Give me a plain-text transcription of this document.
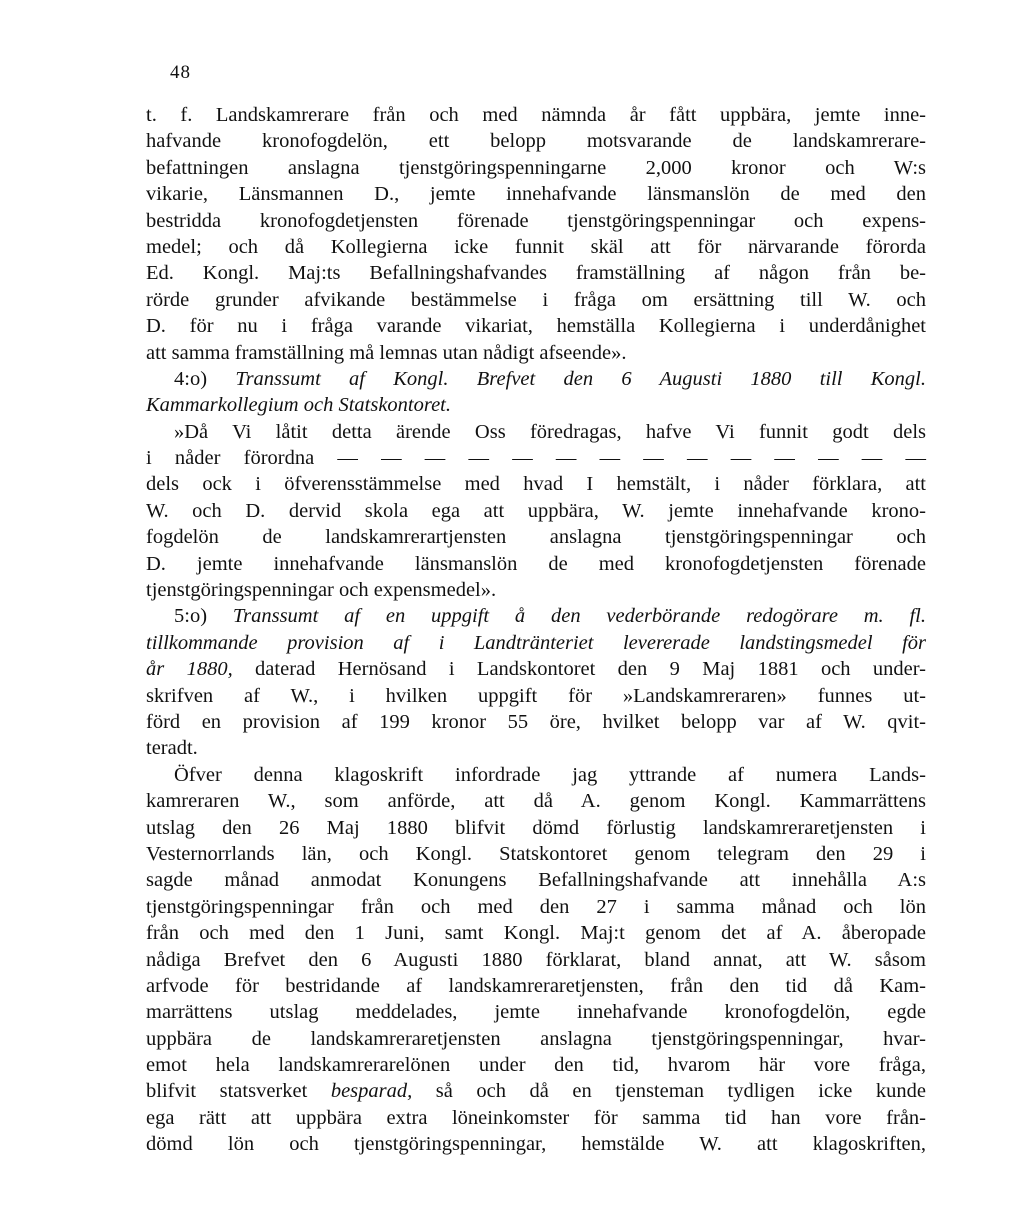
48
t. f. Landskamrerare från och med nämnda år fått uppbära, jemte inne-
hafvande kronofogdelön, ett belopp motsvarande de landskamrerare-
befattningen anslagna tjenstgöringspenningarne 2,000 kronor och W:s
vikarie, Länsmannen D., jemte innehafvande länsmanslön de med den
bestridda kronofogdetjensten förenade tjenstgöringspenningar och expens-
medel; och då Kollegierna icke funnit skäl att för närvarande förorda
Ed. Kongl. Maj:ts Befallningshafvandes framställning af någon från be-
rörde grunder afvikande bestämmelse i fråga om ersättning till W. och
D. för nu i fråga varande vikariat, hemställa Kollegierna i underdånighet
att samma framställning må lemnas utan nådigt afseende».
4:o) Transsumt af Kongl. Brefvet den 6 Augusti 1880 till Kongl.
Kammarkollegium och Statskontoret.
»Då Vi låtit detta ärende Oss föredragas, hafve Vi funnit godt dels
i nåder förordna — — — — — — — — — — — — — —
dels ock i öfverensstämmelse med hvad I hemstält, i nåder förklara, att
W. och D. dervid skola ega att uppbära, W. jemte innehafvande krono-
fogdelön de landskamrerartjensten anslagna tjenstgöringspenningar och
D. jemte innehafvande länsmanslön de med kronofogdetjensten förenade
tjenstgöringspenningar och expensmedel».
5:o) Transsumt af en uppgift å den vederbörande redogörare m. fl.
tillkommande provision af i Landtränteriet levererade landstingsmedel för
år 1880, daterad Hernösand i Landskontoret den 9 Maj 1881 och under-
skrifven af W., i hvilken uppgift för »Landskamreraren» funnes ut-
förd en provision af 199 kronor 55 öre, hvilket belopp var af W. qvit-
teradt.
Öfver denna klagoskrift infordrade jag yttrande af numera Lands-
kamreraren W., som anförde, att då A. genom Kongl. Kammarrättens
utslag den 26 Maj 1880 blifvit dömd förlustig landskamreraretjensten i
Vesternorrlands län, och Kongl. Statskontoret genom telegram den 29 i
sagde månad anmodat Konungens Befallningshafvande att innehålla A:s
tjenstgöringspenningar från och med den 27 i samma månad och lön
från och med den 1 Juni, samt Kongl. Maj:t genom det af A. åberopade
nådiga Brefvet den 6 Augusti 1880 förklarat, bland annat, att W. såsom
arfvode för bestridande af landskamreraretjensten, från den tid då Kam-
marrättens utslag meddelades, jemte innehafvande kronofogdelön, egde
uppbära de landskamreraretjensten anslagna tjenstgöringspenningar, hvar-
emot hela landskamrerarelönen under den tid, hvarom här vore fråga,
blifvit statsverket besparad, så och då en tjensteman tydligen icke kunde
ega rätt att uppbära extra löneinkomster för samma tid han vore från-
dömd lön och tjenstgöringspenningar, hemstälde W. att klagoskriften,
